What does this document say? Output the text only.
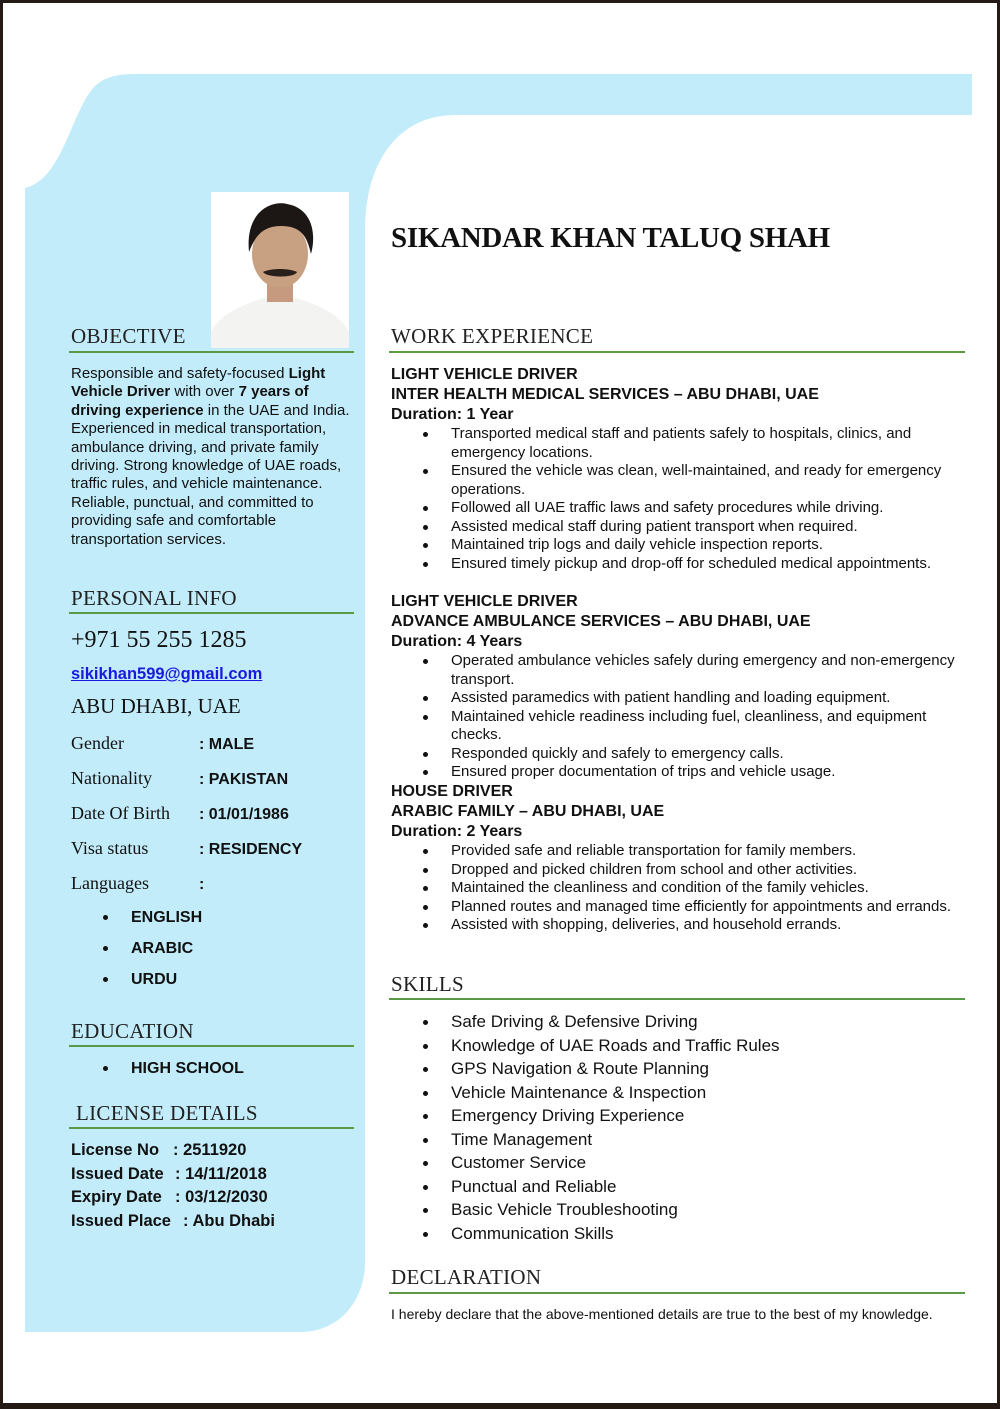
OBJECTIVE
Responsible and safety-focused Light Vehicle Driver with over 7 years of driving experience in the UAE and India. Experienced in medical transportation, ambulance driving, and private family driving. Strong knowledge of UAE roads, traffic rules, and vehicle maintenance. Reliable, punctual, and committed to providing safe and comfortable transportation services.
PERSONAL INFO
+971 55 255 1285
sikikhan599@gmail.com
ABU DHABI, UAE
Gender	: MALE
Nationality	: PAKISTAN
Date Of Birth : 01/01/1986
Visa status	: RESIDENCY
Languages	:
ENGLISH
ARABIC
URDU
EDUCATION
HIGH SCHOOL
LICENSE DETAILS
License No : 2511920
Issued Date : 14/11/2018
Expiry Date : 03/12/2030
Issued Place : Abu Dhabi
SIKANDAR KHAN TALUQ SHAH
WORK EXPERIENCE
LIGHT VEHICLE DRIVER
INTER HEALTH MEDICAL SERVICES – ABU DHABI, UAE
Duration: 1 Year
Transported medical staff and patients safely to hospitals, clinics, and emergency locations.
Ensured the vehicle was clean, well-maintained, and ready for emergency operations.
Followed all UAE traffic laws and safety procedures while driving.
Assisted medical staff during patient transport when required.
Maintained trip logs and daily vehicle inspection reports.
Ensured timely pickup and drop-off for scheduled medical appointments.
LIGHT VEHICLE DRIVER
ADVANCE AMBULANCE SERVICES – ABU DHABI, UAE
Duration: 4 Years
Operated ambulance vehicles safely during emergency and non-emergency transport.
Assisted paramedics with patient handling and loading equipment.
Maintained vehicle readiness including fuel, cleanliness, and equipment checks.
Responded quickly and safely to emergency calls.
Ensured proper documentation of trips and vehicle usage.
HOUSE DRIVER
ARABIC FAMILY – ABU DHABI, UAE
Duration: 2 Years
Provided safe and reliable transportation for family members.
Dropped and picked children from school and other activities.
Maintained the cleanliness and condition of the family vehicles.
Planned routes and managed time efficiently for appointments and errands.
Assisted with shopping, deliveries, and household errands.
SKILLS
Safe Driving & Defensive Driving
Knowledge of UAE Roads and Traffic Rules
GPS Navigation & Route Planning
Vehicle Maintenance & Inspection
Emergency Driving Experience
Time Management
Customer Service
Punctual and Reliable
Basic Vehicle Troubleshooting
Communication Skills
DECLARATION
I hereby declare that the above-mentioned details are true to the best of my knowledge.
